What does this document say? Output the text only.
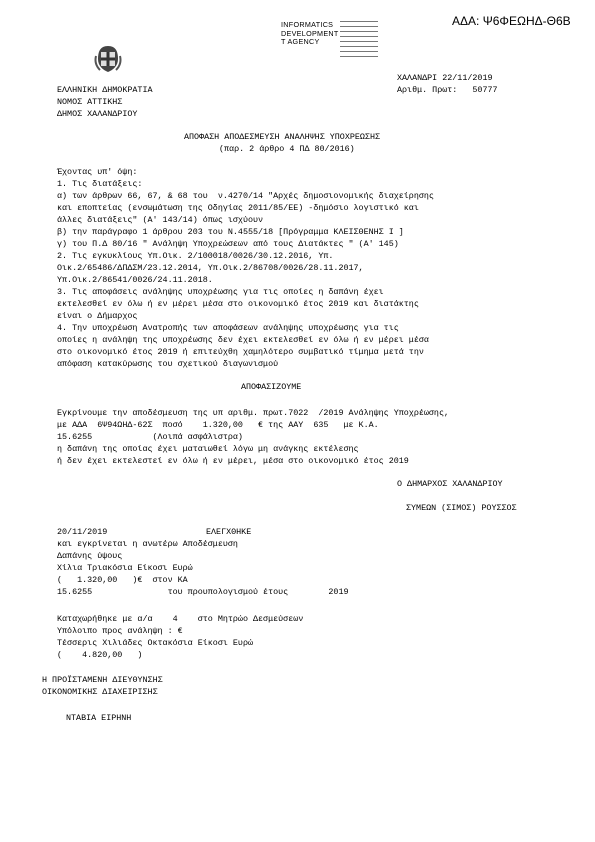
ΑΔΑ: Ψ6ΦΕΩΗΔ-Θ6Β
INFORMATICS
DEVELOPMENT
T AGENCY
ΕΛΛΗΝΙΚΗ ΔΗΜΟΚΡΑΤΙΑ
ΝΟΜΟΣ ΑΤΤΙΚΗΣ
ΔΗΜΟΣ ΧΑΛΑΝΔΡΙΟΥ
ΧΑΛΑΝΔΡΙ 22/11/2019
Αριθμ. Πρωτ:   50777
ΑΠΟΦΑΣΗ ΑΠΟΔΕΣΜΕΥΣΗ ΑΝΑΛΗΨΗΣ ΥΠΟΧΡΕΩΣΗΣ
(παρ. 2 άρθρο 4 ΠΔ 80/2016)
Έχοντας υπ' όψη:
1. Τις διατάξεις:
α) των άρθρων 66, 67, & 68 του  ν.4270/14 "Αρχές δημοσιονομικής διαχείρησης
και εποπτείας (ενσωμάτωση της Οδηγίας 2011/85/ΕΕ) -δημόσιο λογιστικό και
άλλες διατάξεις" (Α' 143/14) όπως ισχύουν
β) την παράγραφο 1 άρθρου 203 του Ν.4555/18 [Πρόγραμμα ΚΛΕΙΣΘΕΝΗΣ Ι ]
γ) του Π.Δ 80/16 " Ανάληψη Υποχρεώσεων από τους Διατάκτες " (Α' 145)
2. Τις εγκυκλίους Υπ.Οικ. 2/100018/0026/30.12.2016, Υπ.
Οικ.2/65486/ΔΠΔΣΜ/23.12.2014, Υπ.Οικ.2/86708/0026/28.11.2017,
Υπ.Οικ.2/86541/0026/24.11.2018.
3. Τις αποφάσεις ανάληψης υποχρέωσης για τις οποίες η δαπάνη έχει
εκτελεσθεί εν όλω ή εν μέρει μέσα στο οικονομικό έτος 2019 και διατάκτης
είναι ο Δήμαρχος
4. Την υποχρέωση Ανατροπής των αποφάσεων ανάληψης υποχρέωσης για τις
οποίες η ανάληψη της υποχρέωσης δεν έχει εκτελεσθεί εν όλω ή εν μέρει μέσα
στο οικονομικό έτος 2019 ή επιτεύχθη χαμηλότερο συμβατικό τίμημα μετά την
απόφαση κατακύρωσης του σχετικού διαγωνισμού
ΑΠΟΦΑΣΙΖΟΥΜΕ
Εγκρίνουμε την αποδέσμευση της υπ αριθμ. πρωτ.7022  /2019 Ανάληψης Υποχρέωσης,
με ΑΔΑ  6Ψ94ΩΗΔ-62Σ  ποσό    1.320,00   € της ΑΑΥ  635   με Κ.Α.
15.6255            (Λοιπά ασφάλιστρα)
η δαπάνη της οποίας έχει ματαιωθεί λόγω μη ανάγκης εκτέλεσης
ή δεν έχει εκτελεστεί εν όλω ή εν μέρει, μέσα στο οικονομικό έτος 2019
Ο ΔΗΜΑΡΧΟΣ ΧΑΛΑΝΔΡΙΟΥ
ΣΥΜΕΩΝ (ΣΙΜΟΣ) ΡΟΥΣΣΟΣ
20/11/2019	ΕΛΕΓΧΘΗΚΕ
και εγκρίνεται η ανωτέρω Αποδέσμευση
Δαπάνης ύψους
Χίλια Τριακόσια Είκοσι Ευρώ
(   1.320,00   )€  στον ΚΑ
15.6255               του προυπολογισμού έτους        2019
Καταχωρήθηκε με α/α    4    στο Μητρώο Δεσμεύσεων
Υπόλοιπο προς ανάληψη : €
Τέσσερις Χιλιάδες Οκτακόσια Είκοσι Ευρώ
(    4.820,00   )
Η ΠΡΟΪΣΤΑΜΕΝΗ ΔΙΕΥΘΥΝΣΗΣ
ΟΙΚΟΝΟΜΙΚΗΣ ΔΙΑΧΕΙΡΙΣΗΣ
ΝΤΑΒΙΑ ΕΙΡΗΝΗ
